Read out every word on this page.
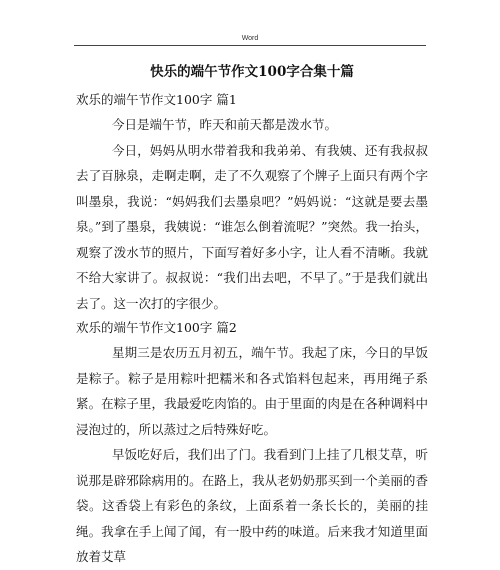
Word
快乐的端午节作文100字合集十篇
欢乐的端午节作文100字 篇1

今日是端午节，昨天和前天都是泼水节。

今日，妈妈从明水带着我和我弟弟、有我姨、还有我叔叔去了百脉泉，走啊走啊，走了不久观察了个牌子上面只有两个字叫墨泉，我说：“妈妈我们去墨泉吧？”妈妈说：“这就是要去墨泉。”到了墨泉，我姨说：“谁怎么倒着流呢？”突然。我一抬头，观察了泼水节的照片，下面写着好多小字，让人看不清晰。我就不给大家讲了。叔叔说：“我们出去吧，不早了。”于是我们就出去了。这一次打的字很少。

欢乐的端午节作文100字 篇2

星期三是农历五月初五，端午节。我起了床，今日的早饭是粽子。粽子是用粽叶把糯米和各式馅料包起来，再用绳子系紧。在粽子里，我最爱吃肉馅的。由于里面的肉是在各种调料中浸泡过的，所以蒸过之后特殊好吃。

早饭吃好后，我们出了门。我看到门上挂了几根艾草，听说那是辟邪除病用的。在路上，我从老奶奶那买到一个美丽的香袋。这香袋上有彩色的条纹，上面系着一条长长的，美丽的挂绳。我拿在手上闻了闻，有一股中药的味道。后来我才知道里面放着艾草
